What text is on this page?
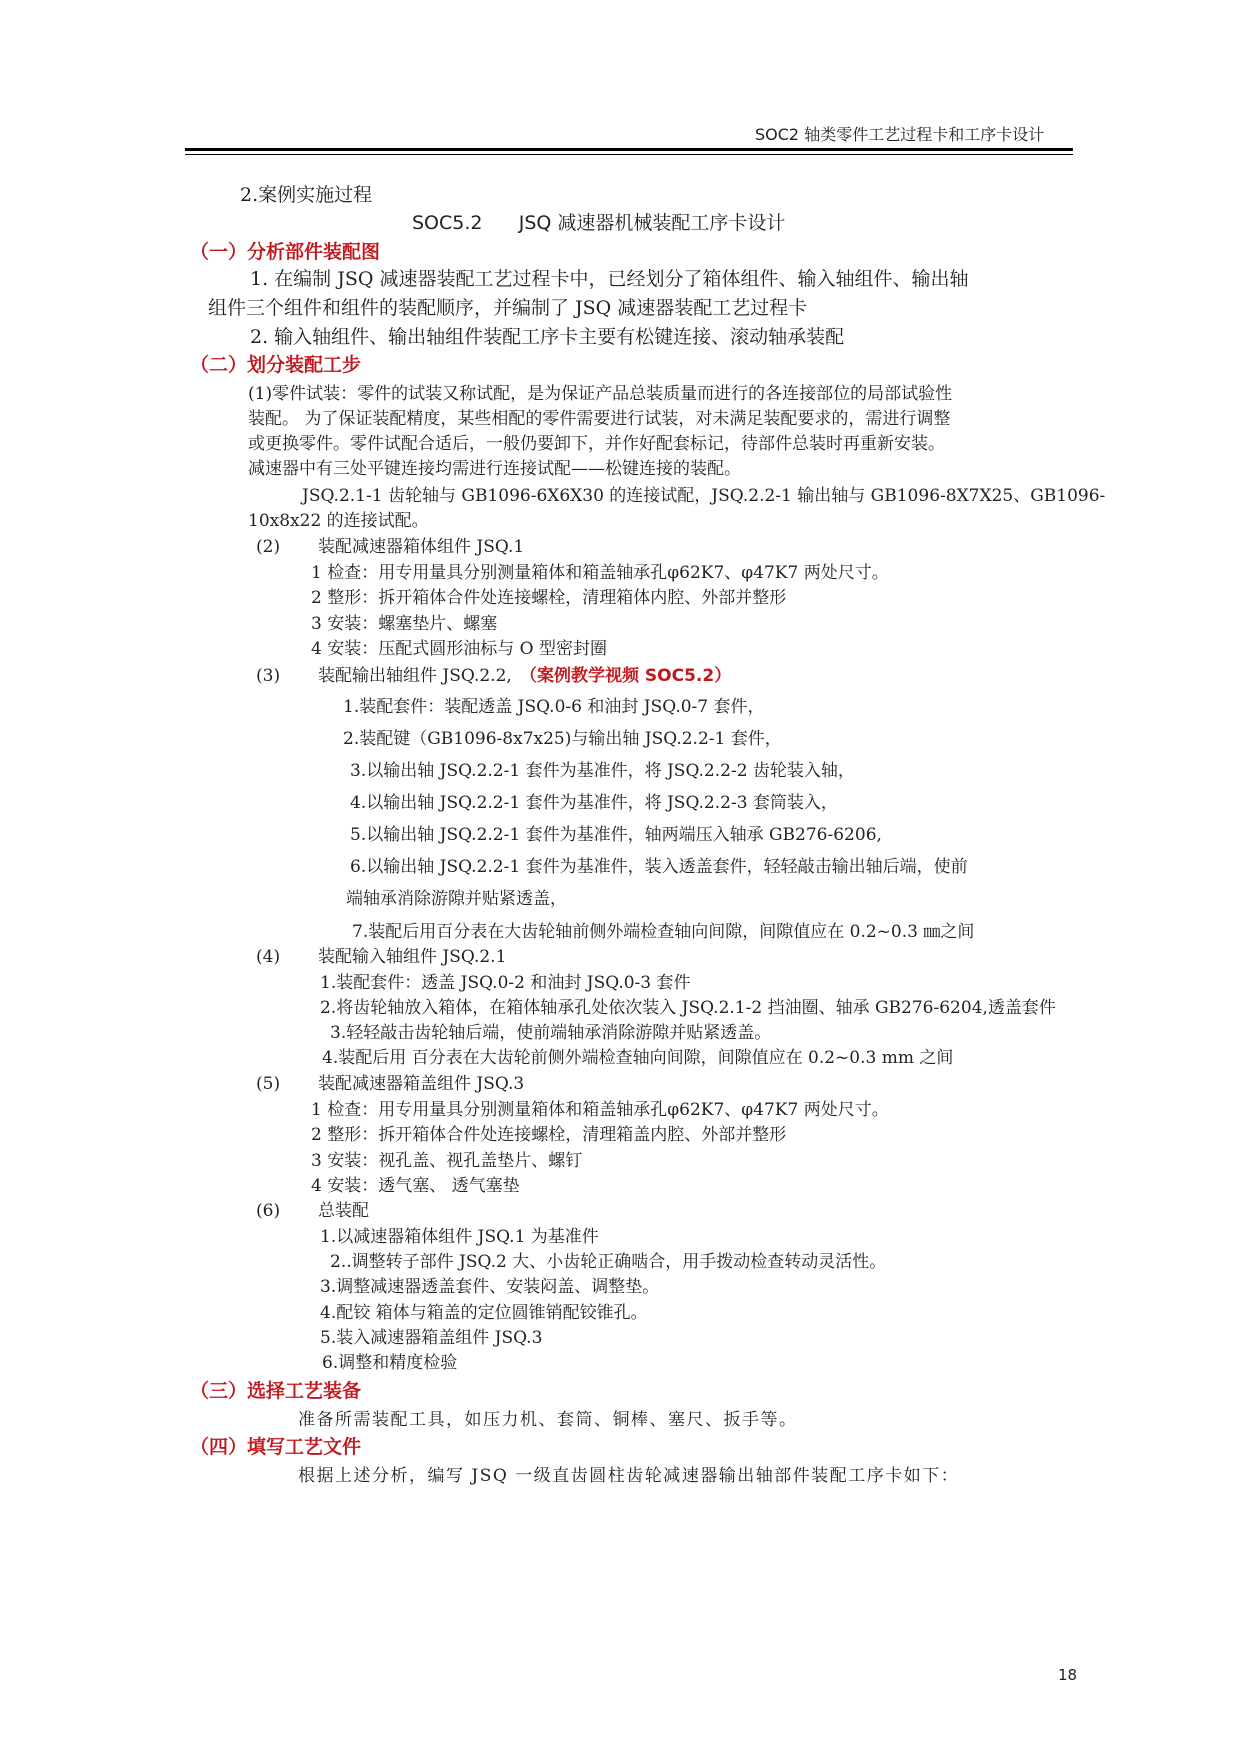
SOC2 轴类零件工艺过程卡和工序卡设计
2.案例实施过程
SOC5.2      JSQ 减速器机械装配工序卡设计
（一）分析部件装配图
1. 在编制 JSQ 减速器装配工艺过程卡中，已经划分了箱体组件、输入轴组件、输出轴
组件三个组件和组件的装配顺序，并编制了 JSQ 减速器装配工艺过程卡
2. 输入轴组件、输出轴组件装配工序卡主要有松键连接、滚动轴承装配
（二）划分装配工步
(1)零件试装：零件的试装又称试配，是为保证产品总装质量而进行的各连接部位的局部试验性
装配。 为了保证装配精度，某些相配的零件需要进行试装，对未满足装配要求的，需进行调整
或更换零件。零件试配合适后，一般仍要卸下，并作好配套标记，待部件总装时再重新安装。
减速器中有三处平键连接均需进行连接试配——松键连接的装配。
JSQ.2.1-1 齿轮轴与 GB1096-6X6X30 的连接试配，JSQ.2.2-1 输出轴与 GB1096-8X7X25、GB1096-
10x8x22 的连接试配。
(2) 装配减速器箱体组件 JSQ.1
1 检查：用专用量具分别测量箱体和箱盖轴承孔φ62K7、φ47K7 两处尺寸。
2 整形：拆开箱体合件处连接螺栓，清理箱体内腔、外部并整形
3 安装：螺塞垫片、螺塞
4 安装：压配式圆形油标与 O 型密封圈
(3) 装配输出轴组件 JSQ.2.2, （案例教学视频 SOC5.2）
1.装配套件：装配透盖 JSQ.0-6 和油封 JSQ.0-7 套件，
2.装配键（GB1096-8x7x25)与输出轴 JSQ.2.2-1 套件，
3.以输出轴 JSQ.2.2-1 套件为基准件，将 JSQ.2.2-2 齿轮装入轴，
4.以输出轴 JSQ.2.2-1 套件为基准件，将 JSQ.2.2-3 套筒装入，
5.以输出轴 JSQ.2.2-1 套件为基准件，轴两端压入轴承 GB276-6206,
6.以输出轴 JSQ.2.2-1 套件为基准件，装入透盖套件，轻轻敲击输出轴后端，使前
端轴承消除游隙并贴紧透盖，
7.装配后用百分表在大齿轮轴前侧外端检查轴向间隙，间隙值应在 0.2~0.3 ㎜之间
(4) 装配输入轴组件 JSQ.2.1
1.装配套件：透盖 JSQ.0-2 和油封 JSQ.0-3 套件
2.将齿轮轴放入箱体，在箱体轴承孔处依次装入 JSQ.2.1-2 挡油圈、轴承 GB276-6204,透盖套件
3.轻轻敲击齿轮轴后端，使前端轴承消除游隙并贴紧透盖。
4.装配后用 百分表在大齿轮前侧外端检查轴向间隙，间隙值应在 0.2~0.3 mm 之间
(5) 装配减速器箱盖组件 JSQ.3
1 检查：用专用量具分别测量箱体和箱盖轴承孔φ62K7、φ47K7 两处尺寸。
2 整形：拆开箱体合件处连接螺栓，清理箱盖内腔、外部并整形
3 安装：视孔盖、视孔盖垫片、螺钉
4 安装：透气塞、 透气塞垫
(6) 总装配
1.以减速器箱体组件 JSQ.1 为基准件
2..调整转子部件 JSQ.2 大、小齿轮正确啮合，用手拨动检查转动灵活性。
3.调整减速器透盖套件、安装闷盖、调整垫。
4.配铰 箱体与箱盖的定位圆锥销配铰锥孔。
5.装入减速器箱盖组件 JSQ.3
6.调整和精度检验
（三）选择工艺装备
准备所需装配工具，如压力机、套筒、铜棒、塞尺、扳手等。
（四）填写工艺文件
根据上述分析，编写 JSQ 一级直齿圆柱齿轮减速器输出轴部件装配工序卡如下：
18
